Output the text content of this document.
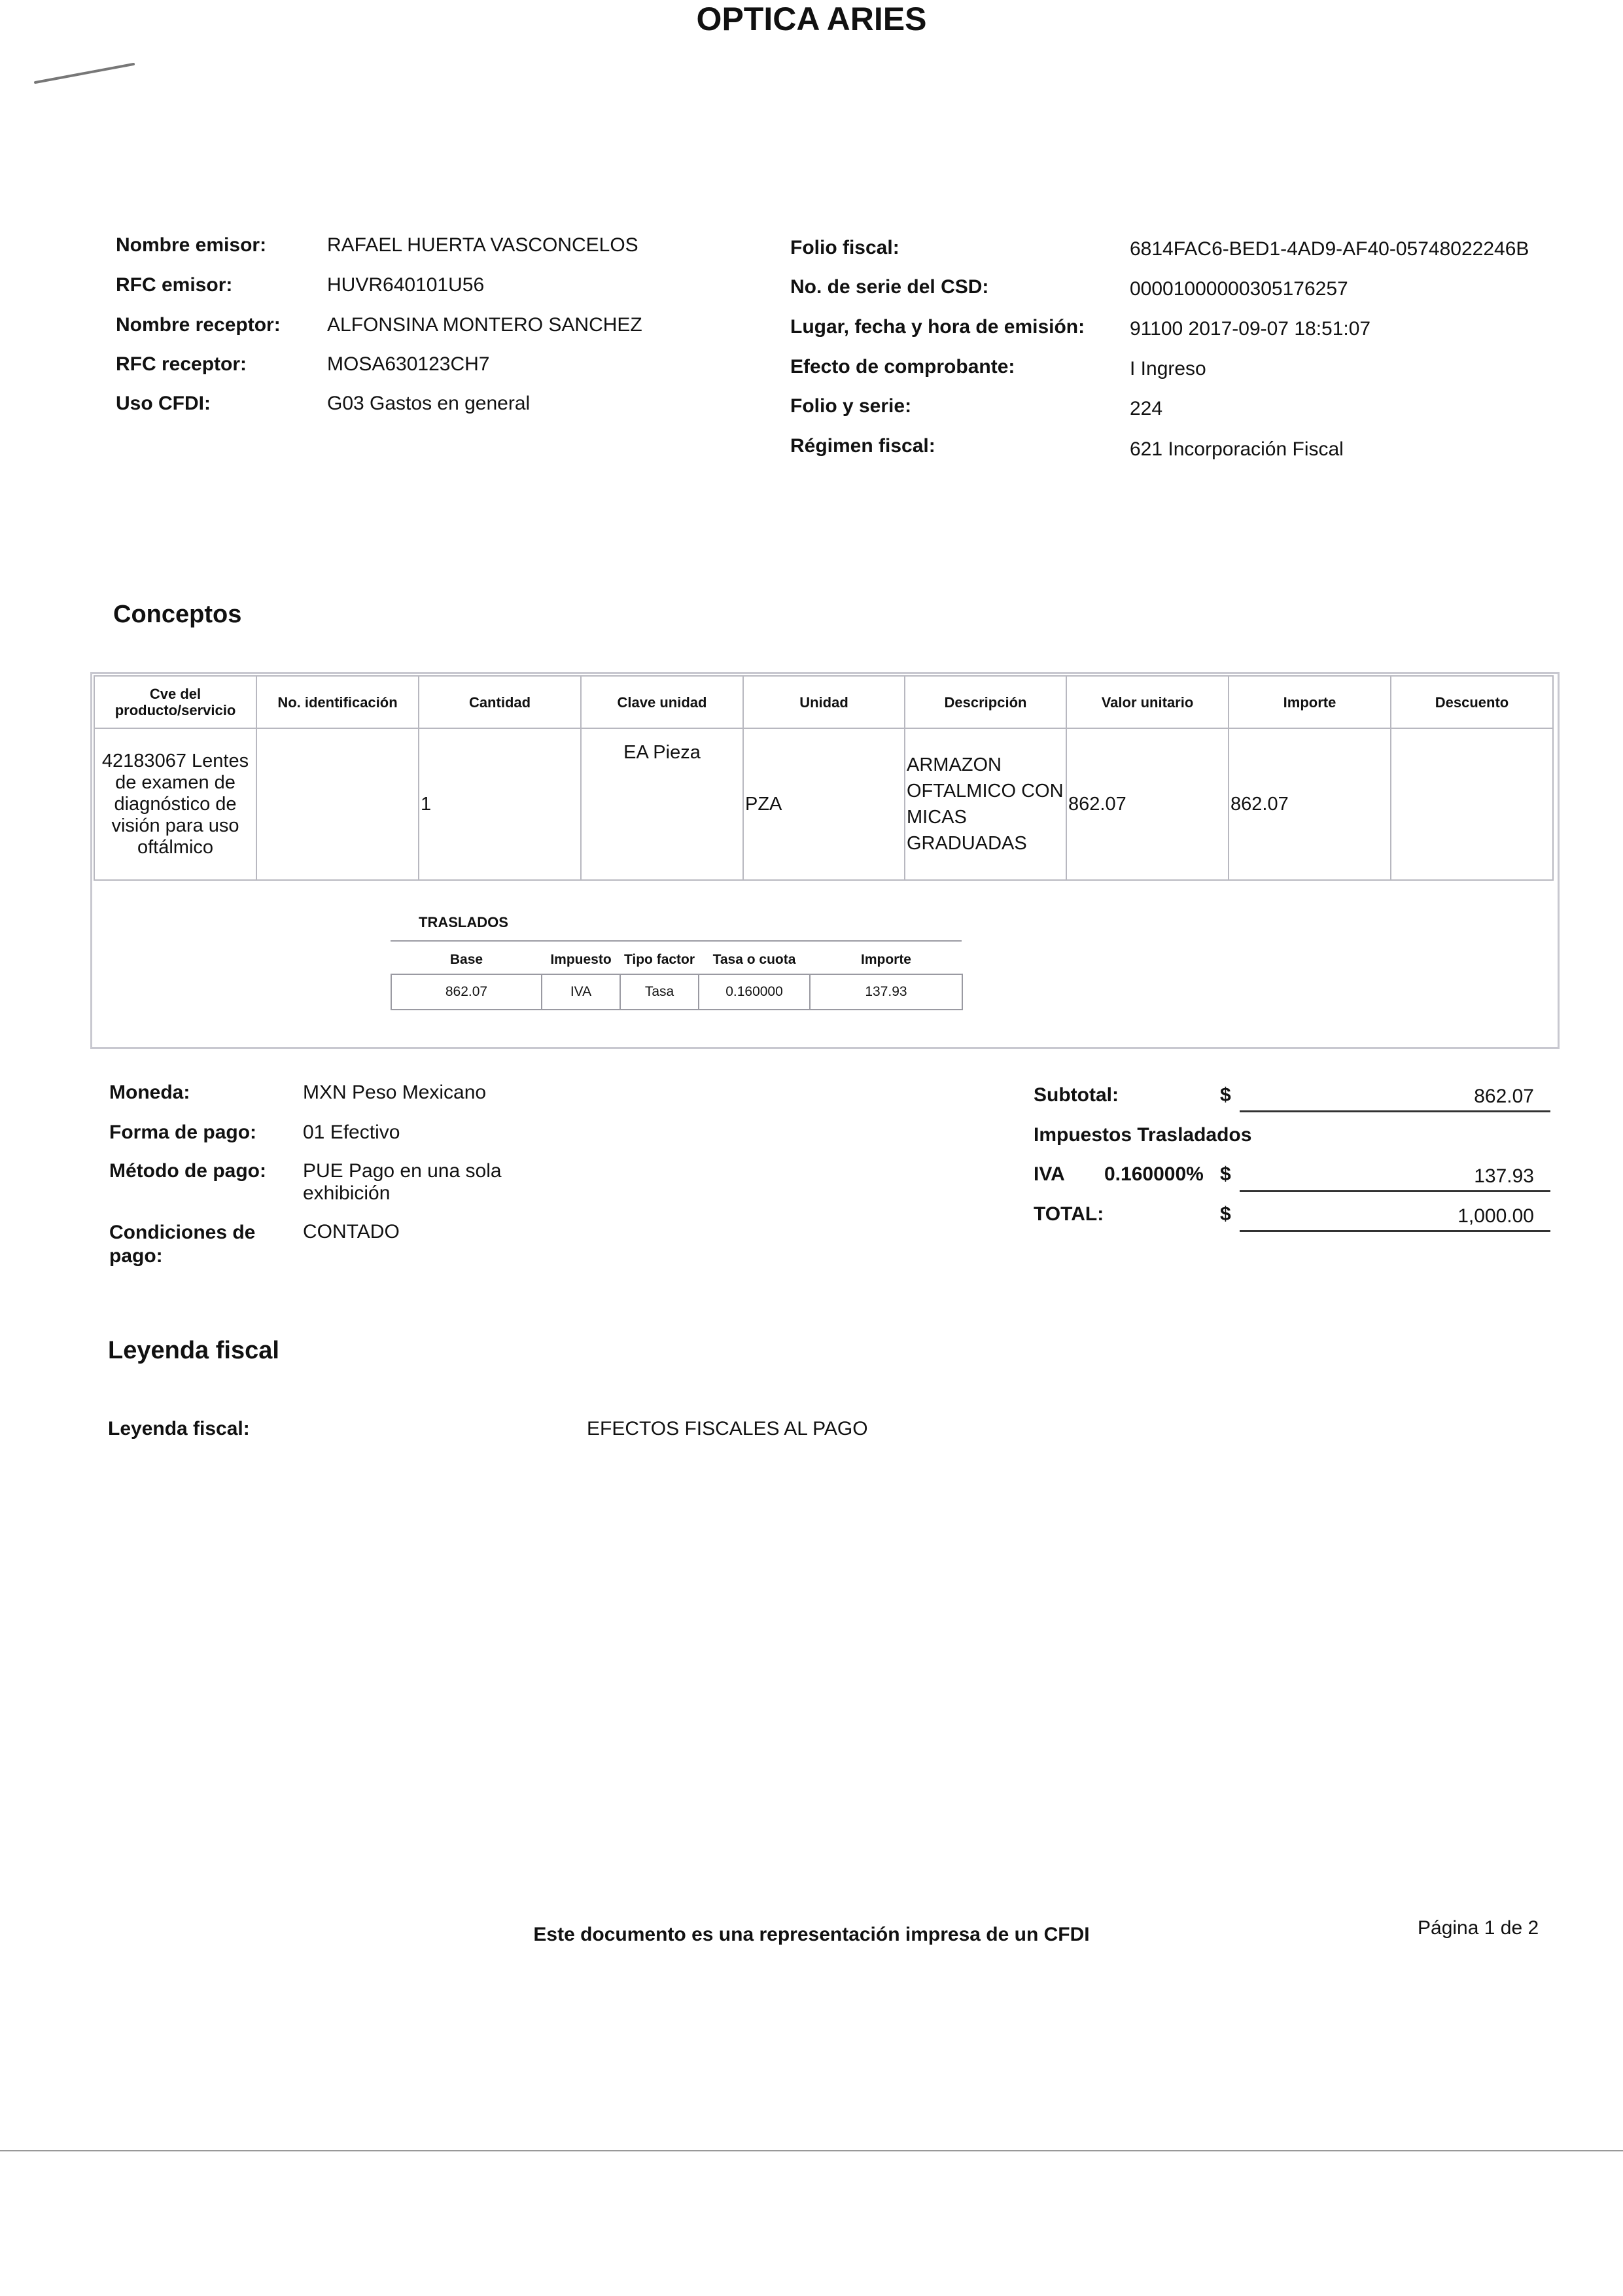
OPTICA ARIES
Nombre emisor:	RAFAEL HUERTA VASCONCELOS
RFC emisor:	HUVR640101U56
Nombre receptor: ALFONSINA MONTERO SANCHEZ
RFC receptor:	MOSA630123CH7
Uso CFDI:	G03 Gastos en general
Folio fiscal:	6814FAC6-BED1-4AD9-AF40-05748022246B
No. de serie del CSD:	00001000000305176257
Lugar, fecha y hora de emisión: 91100 2017-09-07 18:51:07
Efecto de comprobante:	I Ingreso
Folio y serie:	224
Régimen fiscal:	621 Incorporación Fiscal
Conceptos
Cve del producto/servicio	No. identificación	Cantidad	Clave unidad	Unidad	Descripción	Valor unitario	Importe	Descuento
42183067 Lentes de examen de diagnóstico de visión para uso oftálmico		1	EA Pieza	PZA	ARMAZON OFTALMICO CON MICAS GRADUADAS	862.07	862.07	
TRASLADOS
Base	Impuesto	Tipo factor	Tasa o cuota	Importe
862.07	IVA	Tasa	0.160000	137.93
Moneda:	MXN Peso Mexicano
Forma de pago: 01 Efectivo
Método de pago: PUE Pago en una sola exhibición
Condiciones de pago:
CONTADO
Subtotal:	$	862.07
Impuestos Trasladados
IVA 0.160000% $	137.93
TOTAL:	$	1,000.00
Leyenda fiscal
Leyenda fiscal:	EFECTOS FISCALES AL PAGO
Este documento es una representación impresa de un CFDI	Página 1 de 2
